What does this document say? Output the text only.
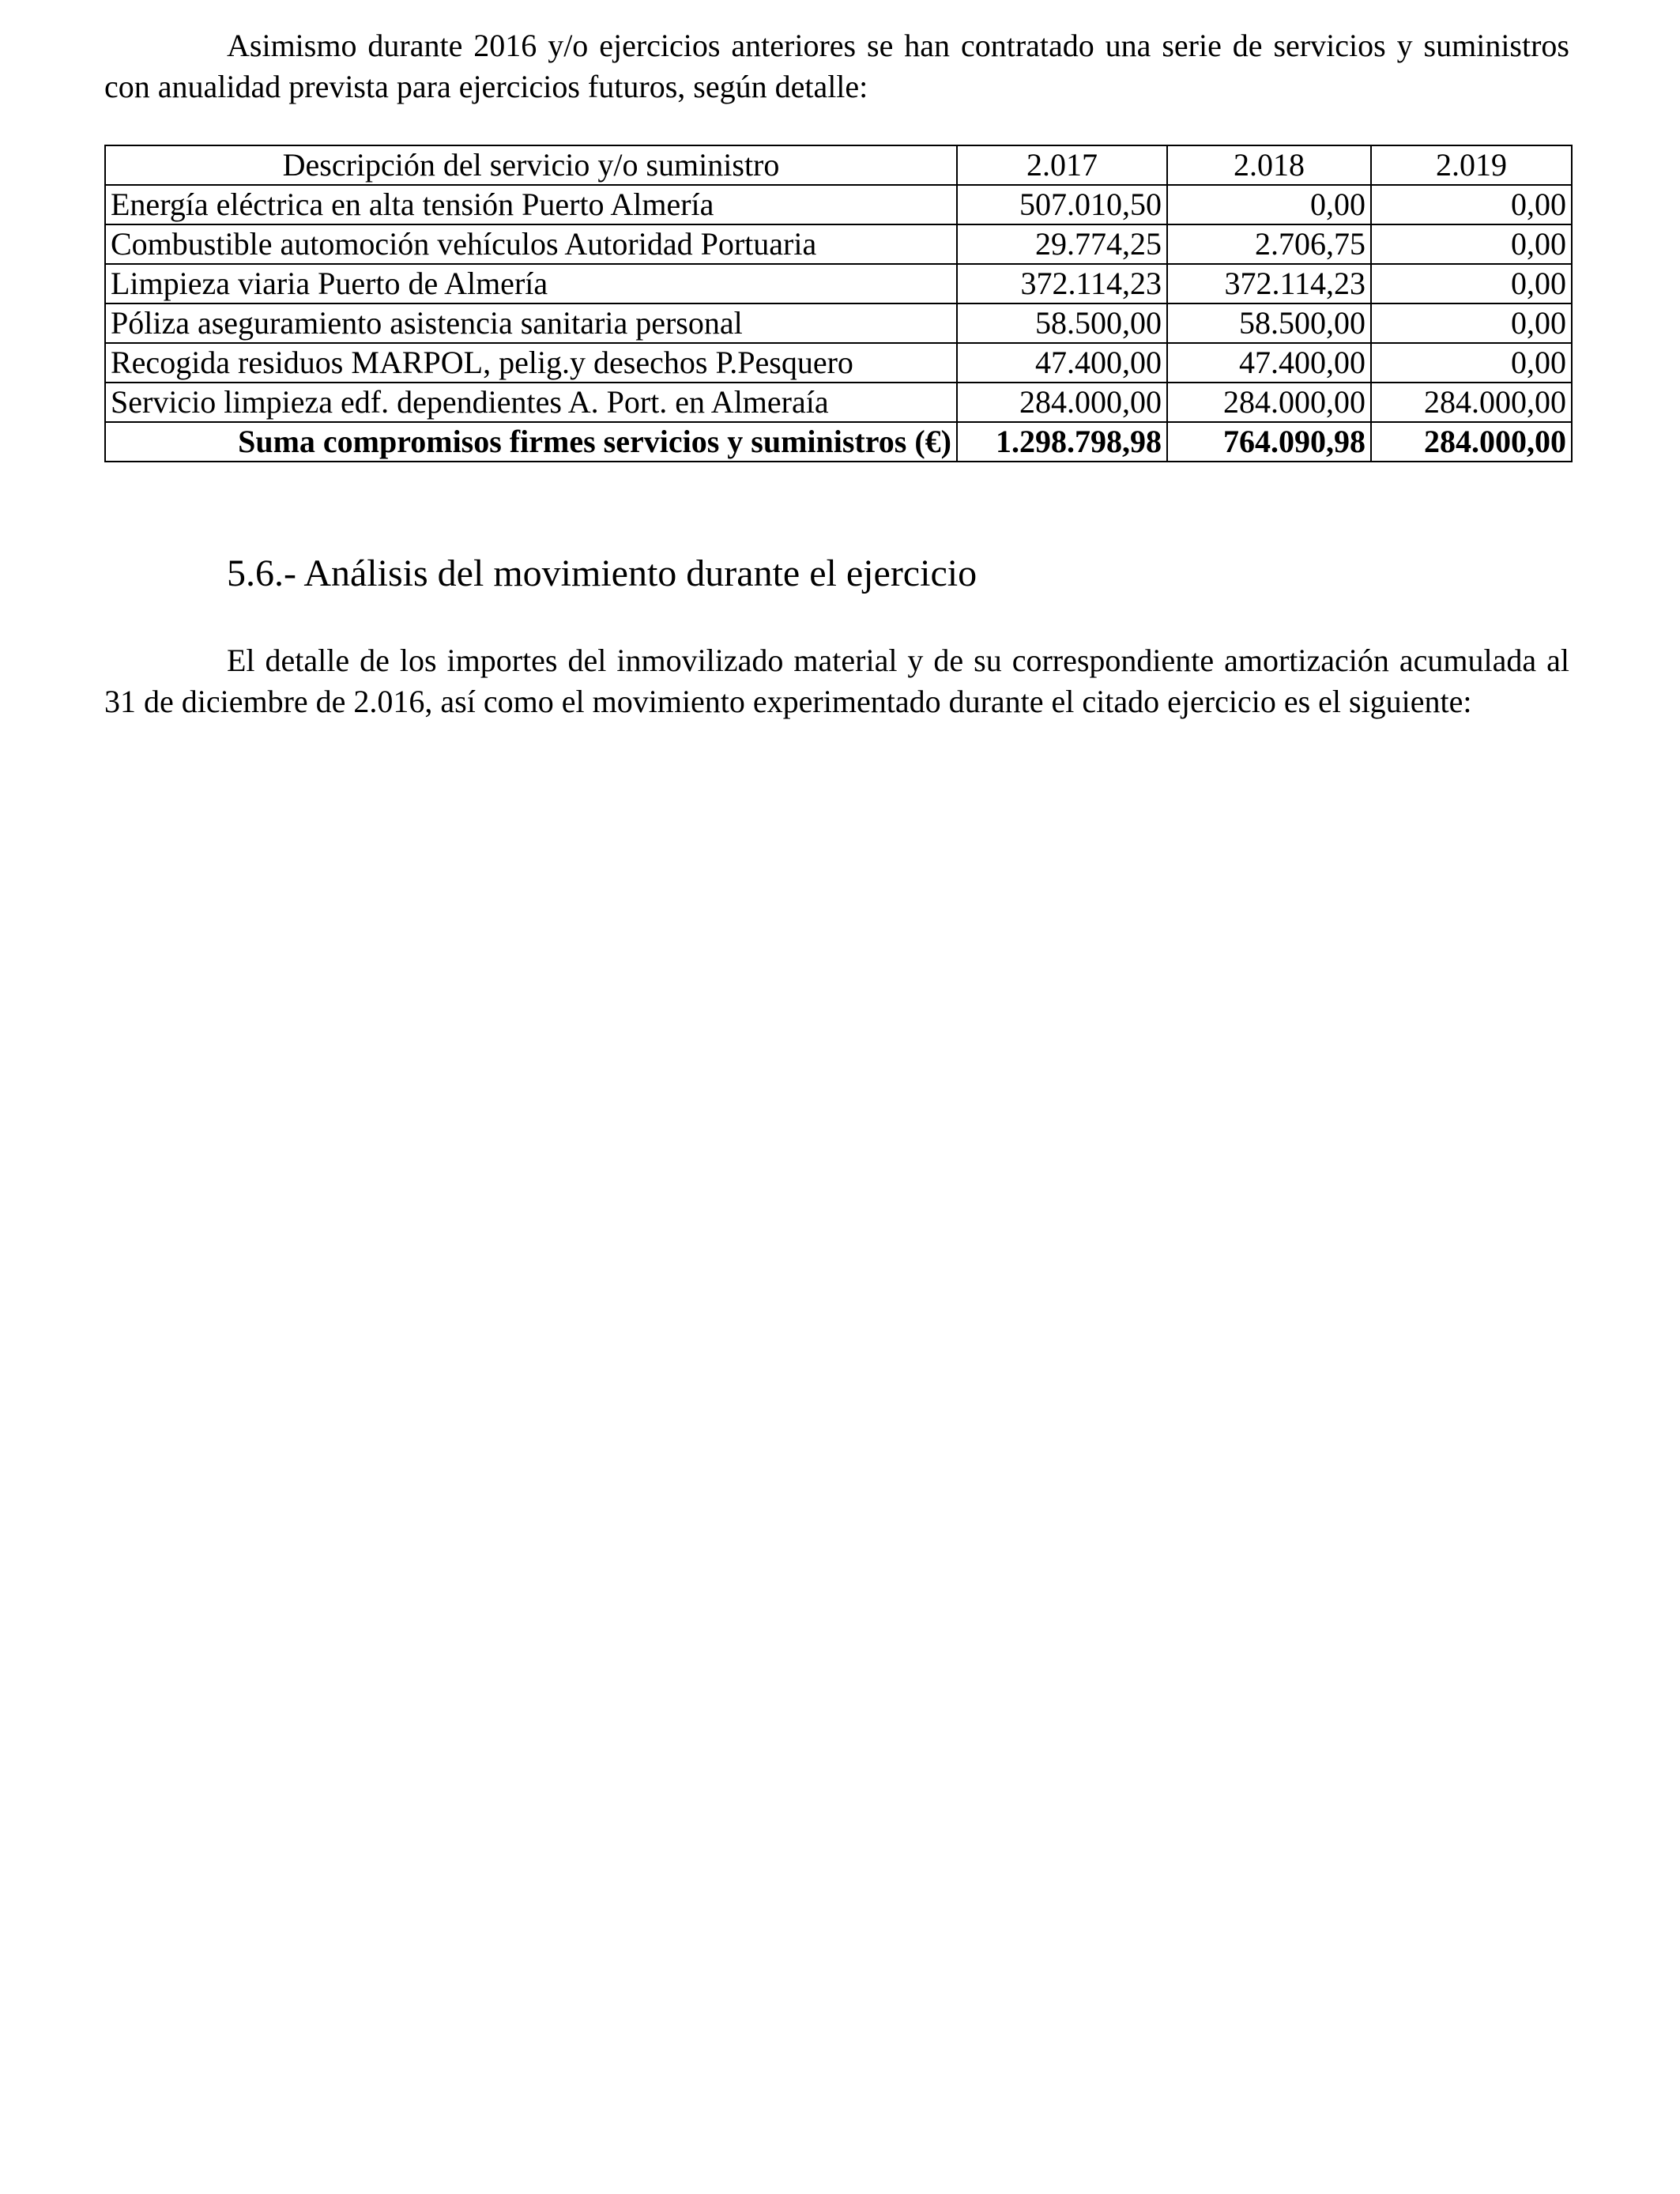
Asimismo durante 2016 y/o ejercicios anteriores se han contratado una serie de servicios y suministros con anualidad prevista para ejercicios futuros, según detalle:

Descripción del servicio y/o suministro	2.017	2.018	2.019
Energía eléctrica en alta tensión Puerto Almería	507.010,50	0,00	0,00
Combustible automoción vehículos Autoridad Portuaria	29.774,25	2.706,75	0,00
Limpieza viaria Puerto de Almería	372.114,23	372.114,23	0,00
Póliza aseguramiento asistencia sanitaria personal	58.500,00	58.500,00	0,00
Recogida residuos MARPOL, pelig.y desechos P.Pesquero	47.400,00	47.400,00	0,00
Servicio limpieza edf. dependientes A. Port. en Almeraía	284.000,00	284.000,00	284.000,00
Suma compromisos firmes servicios y suministros (€)	1.298.798,98	764.090,98	284.000,00
5.6.- Análisis del movimiento durante el ejercicio

El detalle de los importes del inmovilizado material y de su correspondiente amortización acumulada al 31 de diciembre de 2.016, así como el movimiento experimentado durante el citado ejercicio es el siguiente:
